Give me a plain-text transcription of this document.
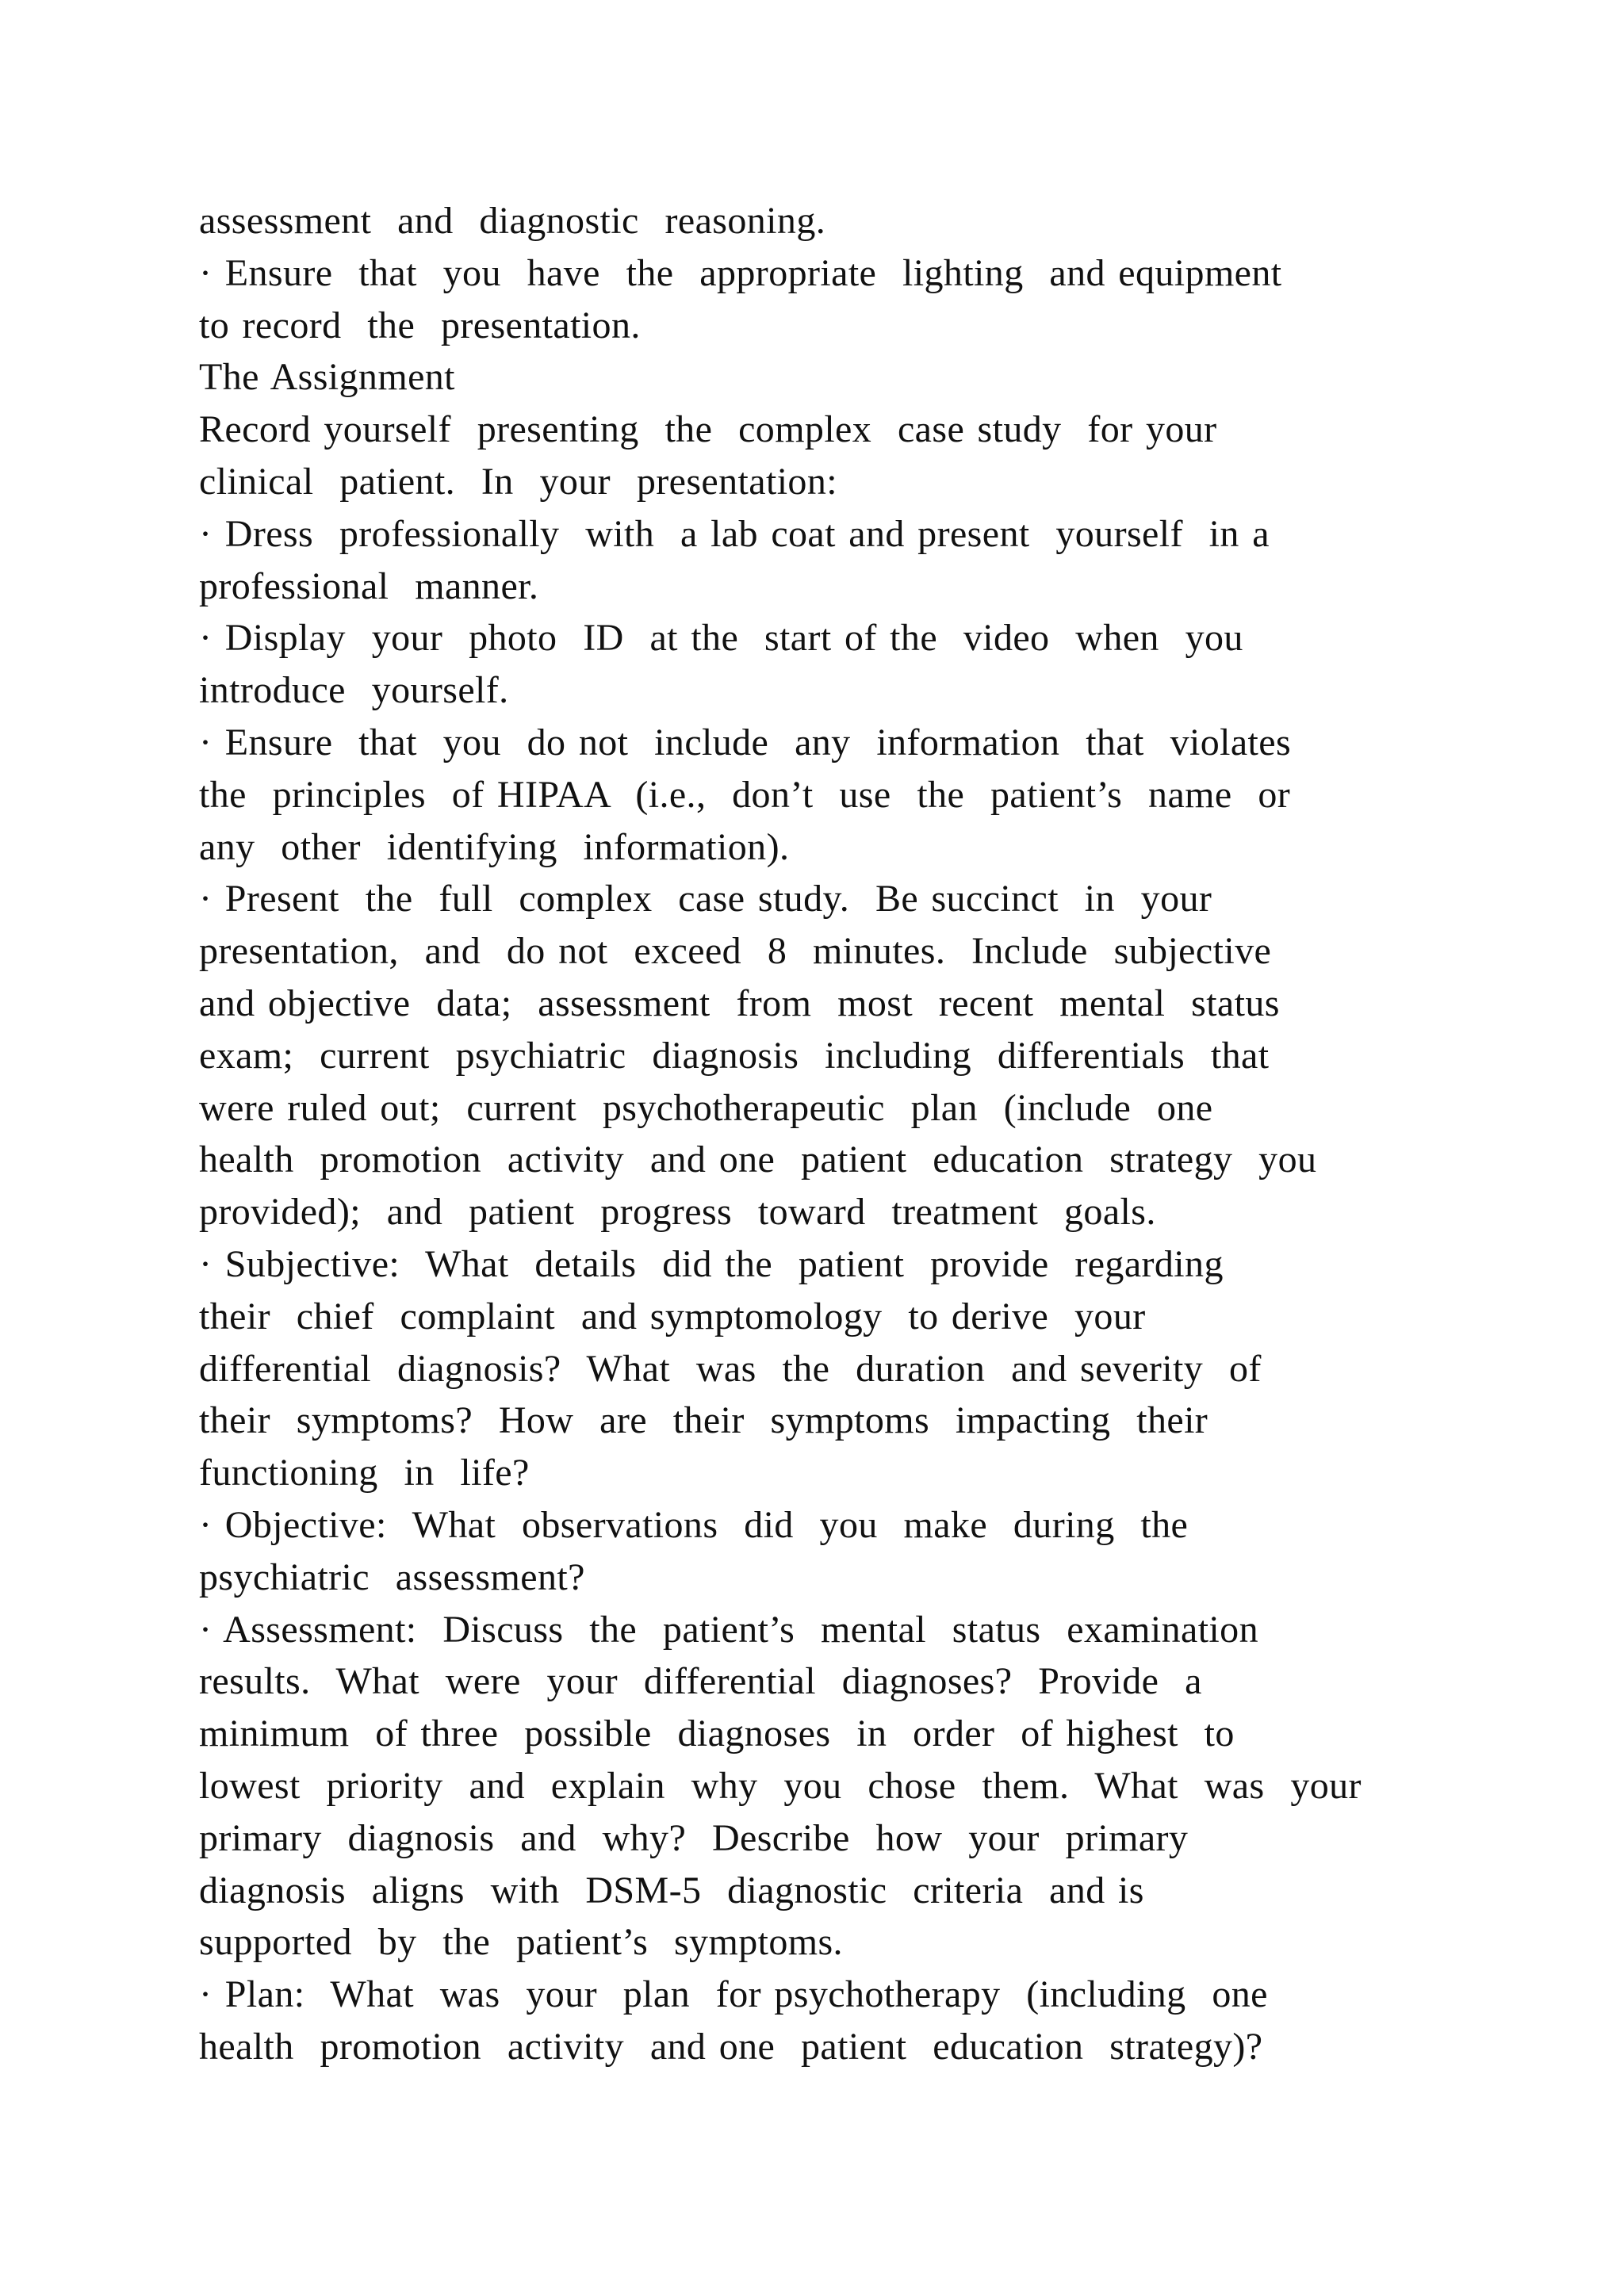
assessment  and  diagnostic  reasoning.
· Ensure  that  you  have  the  appropriate  lighting  and equipment
to record  the  presentation.
The Assignment
Record yourself  presenting  the  complex  case study  for your
clinical  patient.  In  your  presentation:
· Dress  professionally  with  a lab coat and present  yourself  in a
professional  manner.
· Display  your  photo  ID  at the  start of the  video  when  you
introduce  yourself.
· Ensure  that  you  do not  include  any  information  that  violates
the  principles  of HIPAA  (i.e.,  don’t  use  the  patient’s  name  or
any  other  identifying  information).
· Present  the  full  complex  case study.  Be succinct  in  your
presentation,  and  do not  exceed  8  minutes.  Include  subjective
and objective  data;  assessment  from  most  recent  mental  status
exam;  current  psychiatric  diagnosis  including  differentials  that
were ruled out;  current  psychotherapeutic  plan  (include  one
health  promotion  activity  and one  patient  education  strategy  you
provided);  and  patient  progress  toward  treatment  goals.
· Subjective:  What  details  did the  patient  provide  regarding
their  chief  complaint  and symptomology  to derive  your
differential  diagnosis?  What  was  the  duration  and severity  of
their  symptoms?  How  are  their  symptoms  impacting  their
functioning  in  life?
· Objective:  What  observations  did  you  make  during  the
psychiatric  assessment?
· Assessment:  Discuss  the  patient’s  mental  status  examination
results.  What  were  your  differential  diagnoses?  Provide  a
minimum  of three  possible  diagnoses  in  order  of highest  to
lowest  priority  and  explain  why  you  chose  them.  What  was  your
primary  diagnosis  and  why?  Describe  how  your  primary
diagnosis  aligns  with  DSM-5  diagnostic  criteria  and is
supported  by  the  patient’s  symptoms.
· Plan:  What  was  your  plan  for psychotherapy  (including  one
health  promotion  activity  and one  patient  education  strategy)?
